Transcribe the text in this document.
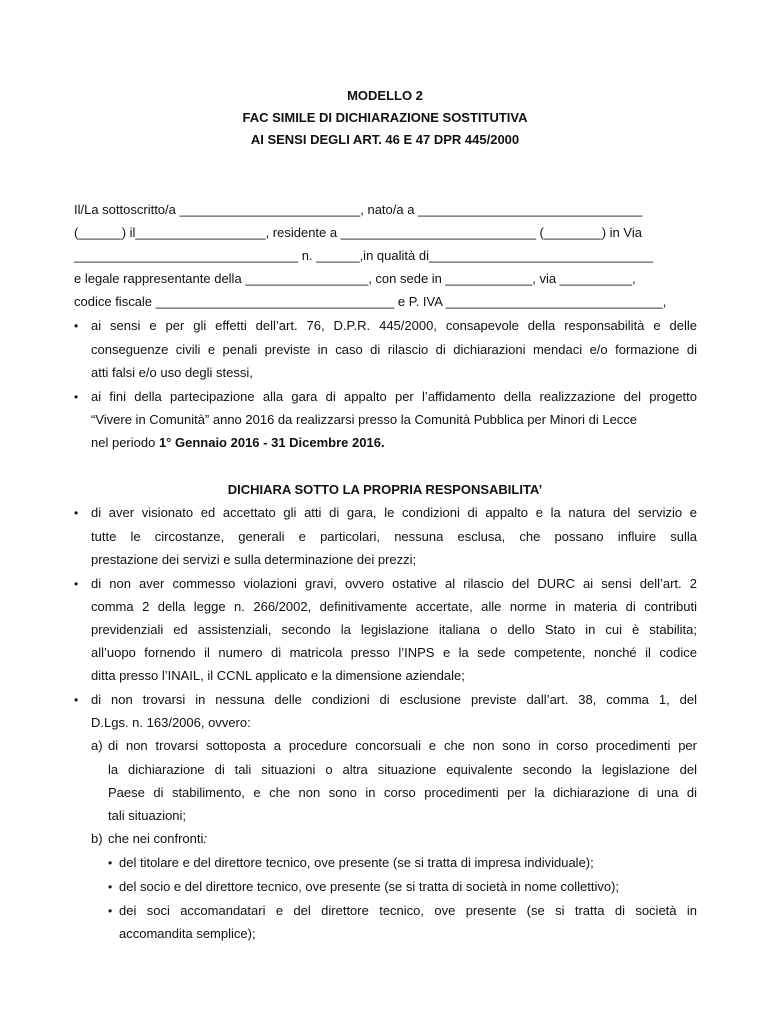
MODELLO 2
FAC SIMILE DI DICHIARAZIONE SOSTITUTIVA
AI SENSI DEGLI ART. 46 E 47 DPR 445/2000
Il/La sottoscritto/a _________________________, nato/a a _______________________________
(______) il__________________, residente a ___________________________ (________) in Via
_______________________________ n. ______,in qualità di_______________________________
e legale rappresentante della _________________, con sede in ____________, via __________,
codice fiscale _________________________________ e P. IVA ______________________________,
• ai sensi e per gli effetti dell’art. 76, D.P.R. 445/2000, consapevole della responsabilità e delle
conseguenze civili e penali previste in caso di rilascio di dichiarazioni mendaci e/o formazione di
atti falsi e/o uso degli stessi,
• ai fini della partecipazione alla gara di appalto per l’affidamento della realizzazione del progetto
“Vivere in Comunità” anno 2016 da realizzarsi presso la Comunità Pubblica per Minori di Lecce
nel periodo 1° Gennaio 2016 - 31 Dicembre 2016.
DICHIARA SOTTO LA PROPRIA RESPONSABILITA’
• di aver visionato ed accettato gli atti di gara, le condizioni di appalto e la natura del servizio e
tutte le circostanze, generali e particolari, nessuna esclusa, che possano influire sulla
prestazione dei servizi e sulla determinazione dei prezzi;
• di non aver commesso violazioni gravi, ovvero ostative al rilascio del DURC ai sensi dell’art. 2
comma 2 della legge n. 266/2002, definitivamente accertate, alle norme in materia di contributi
previdenziali ed assistenziali, secondo la legislazione italiana o dello Stato in cui è stabilita;
all’uopo fornendo il numero di matricola presso l’INPS e la sede competente, nonché il codice
ditta presso l’INAIL, il CCNL applicato e la dimensione aziendale;
• di non trovarsi in nessuna delle condizioni di esclusione previste dall’art. 38, comma 1, del
D.Lgs. n. 163/2006, ovvero:
a) di non trovarsi sottoposta a procedure concorsuali e che non sono in corso procedimenti per
la dichiarazione di tali situazioni o altra situazione equivalente secondo la legislazione del
Paese di stabilimento, e che non sono in corso procedimenti per la dichiarazione di una di
tali situazioni;
b) che nei confronti:
• del titolare e del direttore tecnico, ove presente (se si tratta di impresa individuale);
• del socio e del direttore tecnico, ove presente (se si tratta di società in nome collettivo);
• dei soci accomandatari e del direttore tecnico, ove presente (se si tratta di società in
accomandita semplice);
